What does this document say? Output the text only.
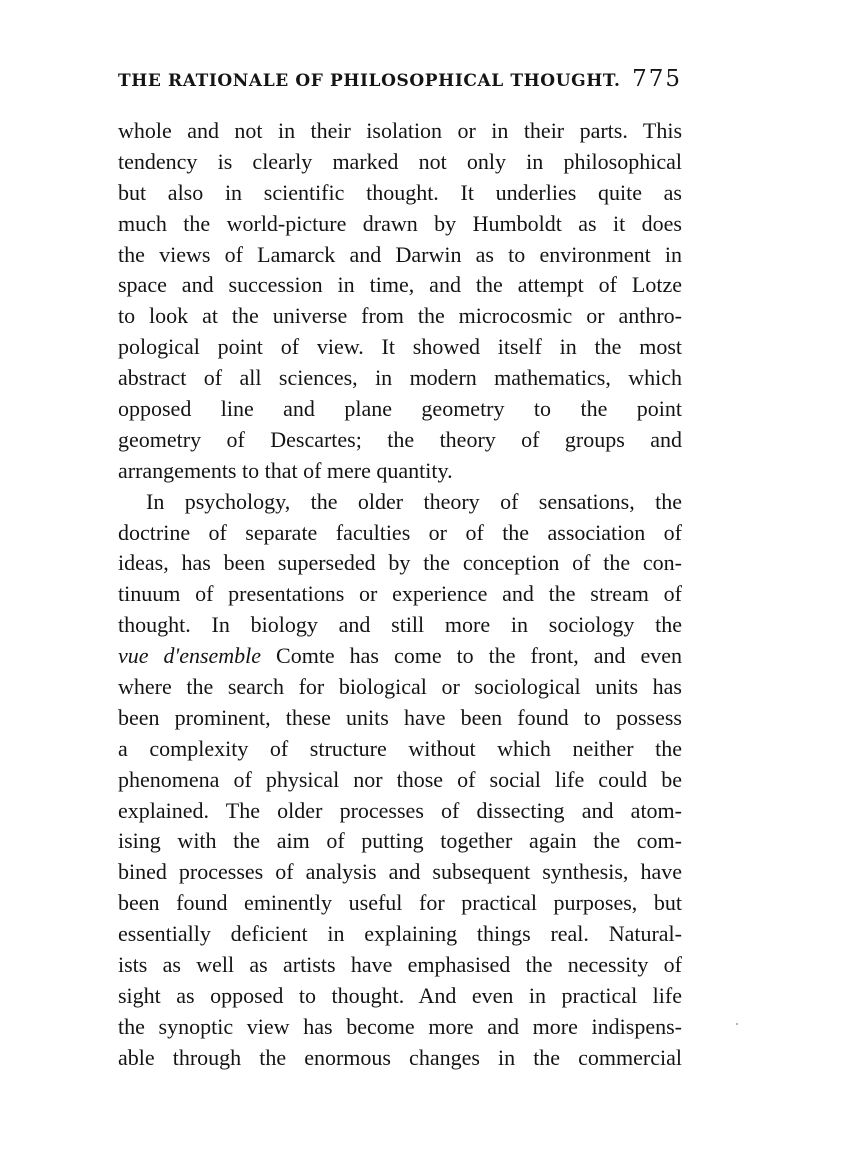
THE RATIONALE OF PHILOSOPHICAL THOUGHT. 775
whole and not in their isolation or in their parts. This
tendency is clearly marked not only in philosophical
but also in scientific thought. It underlies quite as
much the world-picture drawn by Humboldt as it does
the views of Lamarck and Darwin as to environment in
space and succession in time, and the attempt of Lotze
to look at the universe from the microcosmic or anthro-
pological point of view. It showed itself in the most
abstract of all sciences, in modern mathematics, which
opposed line and plane geometry to the point
geometry of Descartes; the theory of groups and
arrangements to that of mere quantity.
In psychology, the older theory of sensations, the
doctrine of separate faculties or of the association of
ideas, has been superseded by the conception of the con-
tinuum of presentations or experience and the stream of
thought. In biology and still more in sociology the
vue d'ensemble Comte has come to the front, and even
where the search for biological or sociological units has
been prominent, these units have been found to possess
a complexity of structure without which neither the
phenomena of physical nor those of social life could be
explained. The older processes of dissecting and atom-
ising with the aim of putting together again the com-
bined processes of analysis and subsequent synthesis, have
been found eminently useful for practical purposes, but
essentially deficient in explaining things real. Natural-
ists as well as artists have emphasised the necessity of
sight as opposed to thought. And even in practical life
the synoptic view has become more and more indispens-
able through the enormous changes in the commercial
